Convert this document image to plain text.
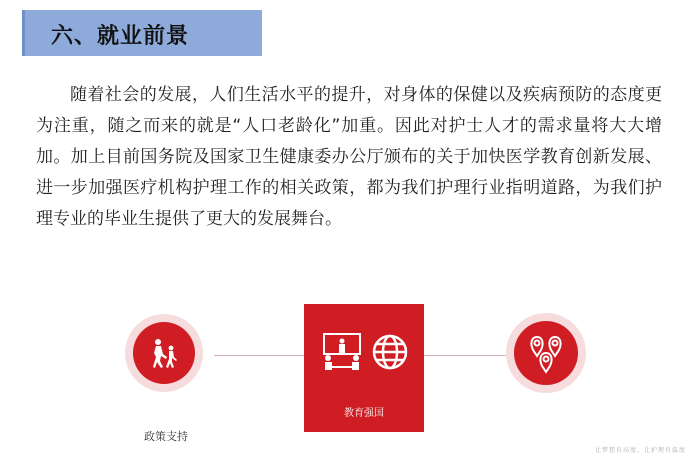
六、就业前景

随着社会的发展，人们生活水平的提升，对身体的保健以及疾病预防的态度更为注重，随之而来的就是“人口老龄化”加重。因此对护士人才的需求量将大大增加。加上目前国务院及国家卫生健康委办公厅颁布的关于加快医学教育创新发展、进一步加强医疗机构护理工作的相关政策，都为我们护理行业指明道路，为我们护理专业的毕业生提供了更大的发展舞台。

政策支持
教育强国
让梦想有高度，让护理有温度
